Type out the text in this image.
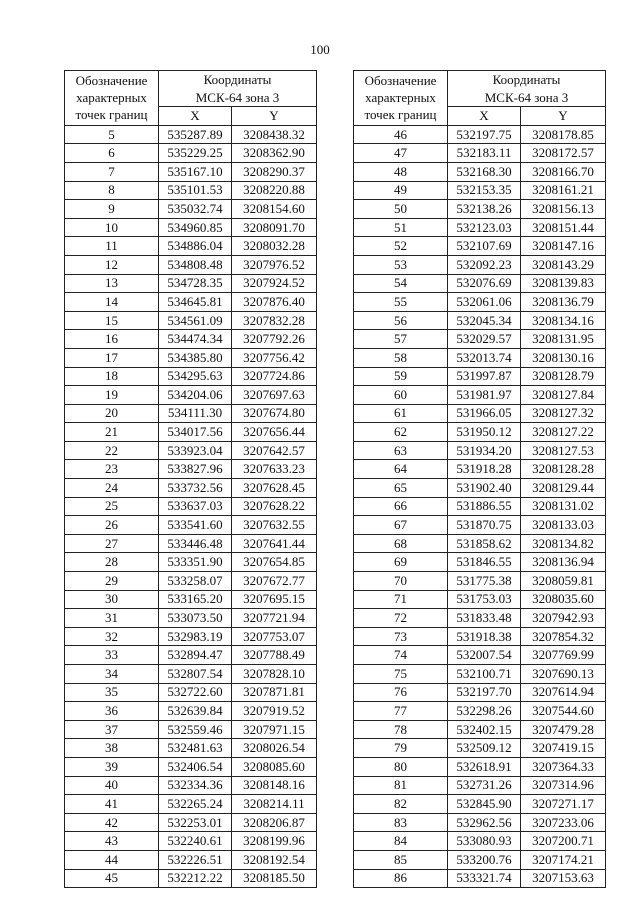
100
Обозначение
характерных
точек границ	Координаты	
	МСК-64 зона 3	
	X	Y
5	535287.89	3208438.32
6	535229.25	3208362.90
7	535167.10	3208290.37
8	535101.53	3208220.88
9	535032.74	3208154.60
10	534960.85	3208091.70
11	534886.04	3208032.28
12	534808.48	3207976.52
13	534728.35	3207924.52
14	534645.81	3207876.40
15	534561.09	3207832.28
16	534474.34	3207792.26
17	534385.80	3207756.42
18	534295.63	3207724.86
19	534204.06	3207697.63
20	534111.30	3207674.80
21	534017.56	3207656.44
22	533923.04	3207642.57
23	533827.96	3207633.23
24	533732.56	3207628.45
25	533637.03	3207628.22
26	533541.60	3207632.55
27	533446.48	3207641.44
28	533351.90	3207654.85
29	533258.07	3207672.77
30	533165.20	3207695.15
31	533073.50	3207721.94
32	532983.19	3207753.07
33	532894.47	3207788.49
34	532807.54	3207828.10
35	532722.60	3207871.81
36	532639.84	3207919.52
37	532559.46	3207971.15
38	532481.63	3208026.54
39	532406.54	3208085.60
40	532334.36	3208148.16
41	532265.24	3208214.11
42	532253.01	3208206.87
43	532240.61	3208199.96
44	532226.51	3208192.54
45	532212.22	3208185.50
Обозначение
характерных
точек границ	Координаты	
	МСК-64 зона 3	
	X	Y
46	532197.75	3208178.85
47	532183.11	3208172.57
48	532168.30	3208166.70
49	532153.35	3208161.21
50	532138.26	3208156.13
51	532123.03	3208151.44
52	532107.69	3208147.16
53	532092.23	3208143.29
54	532076.69	3208139.83
55	532061.06	3208136.79
56	532045.34	3208134.16
57	532029.57	3208131.95
58	532013.74	3208130.16
59	531997.87	3208128.79
60	531981.97	3208127.84
61	531966.05	3208127.32
62	531950.12	3208127.22
63	531934.20	3208127.53
64	531918.28	3208128.28
65	531902.40	3208129.44
66	531886.55	3208131.02
67	531870.75	3208133.03
68	531858.62	3208134.82
69	531846.55	3208136.94
70	531775.38	3208059.81
71	531753.03	3208035.60
72	531833.48	3207942.93
73	531918.38	3207854.32
74	532007.54	3207769.99
75	532100.71	3207690.13
76	532197.70	3207614.94
77	532298.26	3207544.60
78	532402.15	3207479.28
79	532509.12	3207419.15
80	532618.91	3207364.33
81	532731.26	3207314.96
82	532845.90	3207271.17
83	532962.56	3207233.06
84	533080.93	3207200.71
85	533200.76	3207174.21
86	533321.74	3207153.63
